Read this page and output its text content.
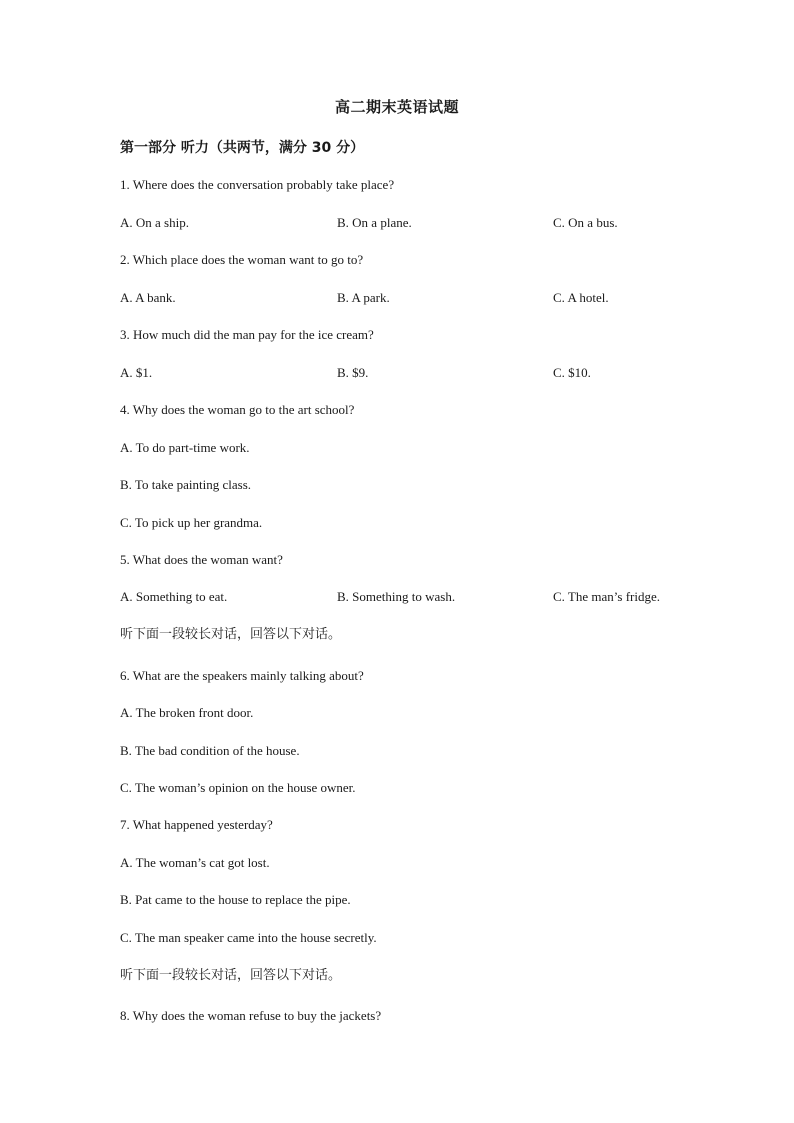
高二期末英语试题
第一部分 听力（共两节，满分 30 分）
1. Where does the conversation probably take place?
A. On a ship.	B. On a plane.	C. On a bus.
2. Which place does the woman want to go to?
A. A bank.	B. A park.	C. A hotel.
3. How much did the man pay for the ice cream?
A. $1.	B. $9.	C. $10.
4. Why does the woman go to the art school?
A. To do part-time work.
B. To take painting class.
C. To pick up her grandma.
5. What does the woman want?
A. Something to eat.	B. Something to wash.	C. The man’s fridge.
听下面一段较长对话，回答以下对话。
6. What are the speakers mainly talking about?
A. The broken front door.
B. The bad condition of the house.
C. The woman’s opinion on the house owner.
7. What happened yesterday?
A. The woman’s cat got lost.
B. Pat came to the house to replace the pipe.
C. The man speaker came into the house secretly.
听下面一段较长对话，回答以下对话。
8. Why does the woman refuse to buy the jackets?
